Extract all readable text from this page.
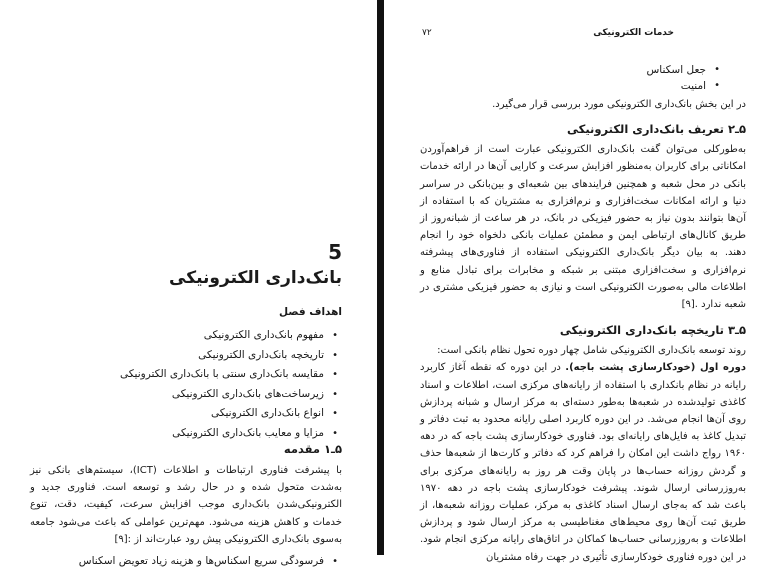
5
بانک‌داری الکترونیکی
اهداف فصل
• مفهوم بانک‌داری الکترونیکی
• تاریخچه بانک‌داری الکترونیکی
• مقایسه بانک‌داری سنتی با بانک‌داری الکترونیکی
• زیرساخت‌های بانک‌داری الکترونیکی
• انواع بانک‌داری الکترونیکی
• مزایا و معایب بانک‌داری الکترونیکی
۵ـ۱ مقدمه

با پیشرفت فناوری ارتباطات و اطلاعات (ICT)، سیستم‌های بانکی نیز به‌شدت متحول شده و در حال رشد و توسعه است. فناوری جدید و الکترونیکی‌شدن بانک‌داری موجب افزایش سرعت، کیفیت، دقت، تنوع خدمات و کاهش هزینه می‌شود. مهم‌ترین عواملی که باعث می‌شود جامعه به‌سوی بانک‌داری الکترونیکی پیش رود عبارت‌اند از [۹]:

• فرسودگی سریع اسکناس‌ها و هزینه زیاد تعویض اسکناس
۷۲	خدمات الکترونیکی
• جعل اسکناس
• امنیت

در این بخش بانک‌داری الکترونیکی مورد بررسی قرار می‌گیرد.

۵ـ۲ تعریف بانک‌داری الکترونیکی

به‌طورکلی می‌توان گفت بانک‌داری الکترونیکی عبارت است از فراهم‌آوردن امکاناتی برای کاربران به‌منظور افزایش سرعت و کارایی آن‌ها در ارائه خدمات بانکی در محل شعبه و همچنین فرایندهای بین شعبه‌ای و بین‌بانکی در سراسر دنیا و ارائه امکانات سخت‌افزاری و نرم‌افزاری به مشتریان که با استفاده از آن‌ها بتوانند بدون نیاز به حضور فیزیکی در بانک، در هر ساعت از شبانه‌روز از طریق کانال‌های ارتباطی ایمن و مطمئن عملیات بانکی دلخواه خود را انجام دهند. به بیان دیگر بانک‌داری الکترونیکی استفاده از فناوری‌های پیشرفته نرم‌افزاری و سخت‌افزاری مبتنی بر شبکه و مخابرات برای تبادل منابع و اطلاعات مالی به‌صورت الکترونیکی است و نیازی به حضور فیزیکی مشتری در شعبه ندارد [۹].

۵ـ۳ تاریخچه بانک‌داری الکترونیکی

روند توسعه بانک‌داری الکترونیکی شامل چهار دوره تحول نظام بانکی است:

دوره اول (خودکارسازی پشت باجه). در این دوره که نقطه آغاز کاربرد رایانه در نظام بانکداری با استفاده از رایانه‌های مرکزی است، اطلاعات و اسناد کاغذی تولیدشده در شعبه‌ها به‌طور دسته‌ای به مرکز ارسال و شبانه پردازش روی آن‌ها انجام می‌شد. در این دوره کاربرد اصلی رایانه محدود به ثبت دفاتر و تبدیل کاغذ به فایل‌های رایانه‌ای بود. فناوری خودکارسازی پشت باجه که در دهه ۱۹۶۰ رواج داشت این امکان را فراهم کرد که دفاتر و کارت‌ها از شعبه‌ها حذف و گردش روزانه حساب‌ها در پایان وقت هر روز به رایانه‌های مرکزی برای به‌روزرسانی ارسال شوند. پیشرفت خودکارسازی پشت باجه در دهه ۱۹۷۰ باعث شد که به‌جای ارسال اسناد کاغذی به مرکز، عملیات روزانه شعبه‌ها، از طریق ثبت آن‌ها روی محیط‌های مغناطیسی به مرکز ارسال شود و پردازش اطلاعات و به‌روزرسانی حساب‌ها کماکان در اتاق‌های رایانه مرکزی انجام شود. در این دوره فناوری خودکارسازی تأثیری در جهت رفاه مشتریان
